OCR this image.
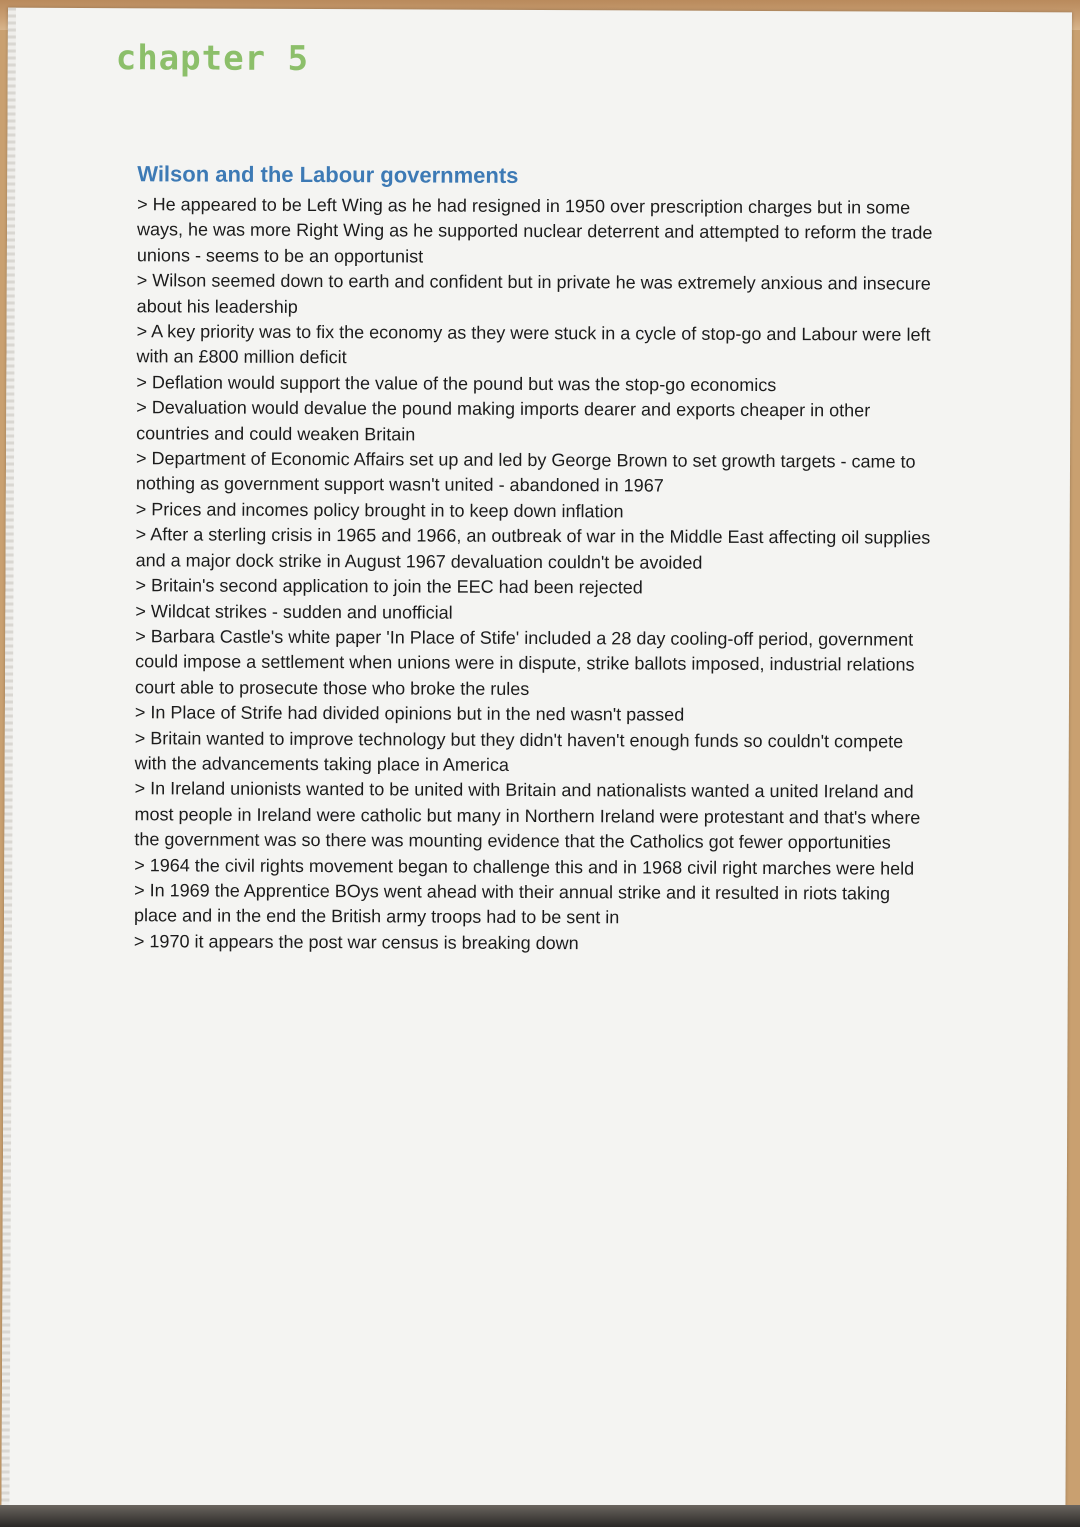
chapter 5
Wilson and the Labour governments
> He appeared to be Left Wing as he had resigned in 1950 over prescription charges but in some ways, he was more Right Wing as he supported nuclear deterrent and attempted to reform the trade unions - seems to be an opportunist
> Wilson seemed down to earth and confident but in private he was extremely anxious and insecure about his leadership
> A key priority was to fix the economy as they were stuck in a cycle of stop-go and Labour were left with an £800 million deficit
> Deflation would support the value of the pound but was the stop-go economics
> Devaluation would devalue the pound making imports dearer and exports cheaper in other countries and could weaken Britain
> Department of Economic Affairs set up and led by George Brown to set growth targets - came to nothing as government support wasn't united - abandoned in 1967
> Prices and incomes policy brought in to keep down inflation
> After a sterling crisis in 1965 and 1966, an outbreak of war in the Middle East affecting oil supplies and a major dock strike in August 1967 devaluation couldn't be avoided
> Britain's second application to join the EEC had been rejected
> Wildcat strikes - sudden and unofficial
> Barbara Castle's white paper 'In Place of Stife' included a 28 day cooling-off period, government could impose a settlement when unions were in dispute, strike ballots imposed, industrial relations court able to prosecute those who broke the rules
> In Place of Strife had divided opinions but in the ned wasn't passed
> Britain wanted to improve technology but they didn't haven't enough funds so couldn't compete with the advancements taking place in America
> In Ireland unionists wanted to be united with Britain and nationalists wanted a united Ireland and most people in Ireland were catholic but many in Northern Ireland were protestant and that's where the government was so there was mounting evidence that the Catholics got fewer opportunities
> 1964 the civil rights movement began to challenge this and in 1968 civil right marches were held
> In 1969 the Apprentice BOys went ahead with their annual strike and it resulted in riots taking place and in the end the British army troops had to be sent in
> 1970 it appears the post war census is breaking down
